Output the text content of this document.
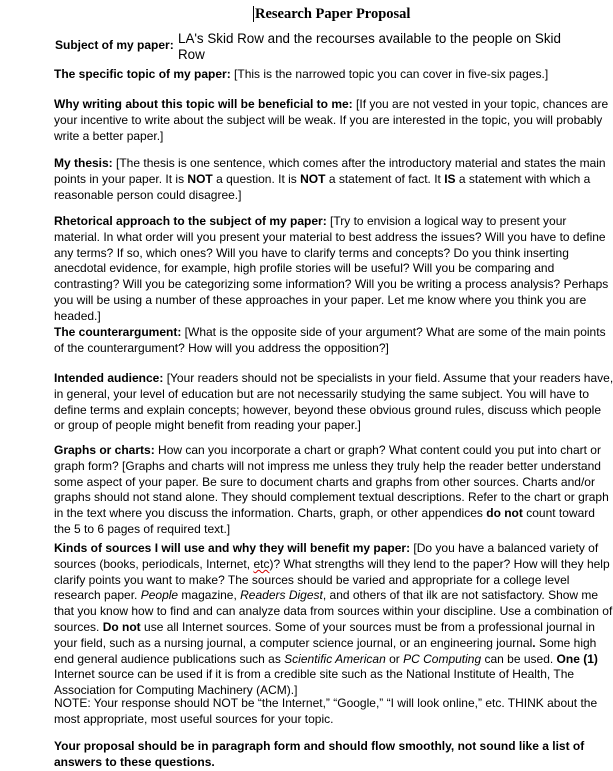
Research Paper Proposal
Subject of my paper: LA's Skid Row and the recourses available to the people on Skid Row
The specific topic of my paper: [This is the narrowed topic you can cover in five-six pages.]
Why writing about this topic will be beneficial to me: [If you are not vested in your topic, chances are your incentive to write about the subject will be weak. If you are interested in the topic, you will probably write a better paper.]
My thesis: [The thesis is one sentence, which comes after the introductory material and states the main points in your paper. It is NOT a question. It is NOT a statement of fact. It IS a statement with which a reasonable person could disagree.]
Rhetorical approach to the subject of my paper: [Try to envision a logical way to present your material. In what order will you present your material to best address the issues? Will you have to define any terms? If so, which ones? Will you have to clarify terms and concepts? Do you think inserting anecdotal evidence, for example, high profile stories will be useful? Will you be comparing and contrasting? Will you be categorizing some information? Will you be writing a process analysis? Perhaps you will be using a number of these approaches in your paper. Let me know where you think you are headed.]
The counterargument: [What is the opposite side of your argument? What are some of the main points of the counterargument? How will you address the opposition?]
Intended audience: [Your readers should not be specialists in your field. Assume that your readers have, in general, your level of education but are not necessarily studying the same subject. You will have to define terms and explain concepts; however, beyond these obvious ground rules, discuss which people or group of people might benefit from reading your paper.]
Graphs or charts: How can you incorporate a chart or graph? What content could you put into chart or graph form? [Graphs and charts will not impress me unless they truly help the reader better understand some aspect of your paper. Be sure to document charts and graphs from other sources. Charts and/or graphs should not stand alone. They should complement textual descriptions. Refer to the chart or graph in the text where you discuss the information. Charts, graph, or other appendices do not count toward the 5 to 6 pages of required text.]
Kinds of sources I will use and why they will benefit my paper: [Do you have a balanced variety of sources (books, periodicals, Internet, etc)? What strengths will they lend to the paper? How will they help clarify points you want to make? The sources should be varied and appropriate for a college level research paper. People magazine, Readers Digest, and others of that ilk are not satisfactory. Show me that you know how to find and can analyze data from sources within your discipline. Use a combination of sources. Do not use all Internet sources. Some of your sources must be from a professional journal in your field, such as a nursing journal, a computer science journal, or an engineering journal. Some high end general audience publications such as Scientific American or PC Computing can be used. One (1) Internet source can be used if it is from a credible site such as the National Institute of Health, The Association for Computing Machinery (ACM).]
NOTE: Your response should NOT be “the Internet,” “Google,” “I will look online,” etc. THINK about the most appropriate, most useful sources for your topic.
Your proposal should be in paragraph form and should flow smoothly, not sound like a list of answers to these questions.
